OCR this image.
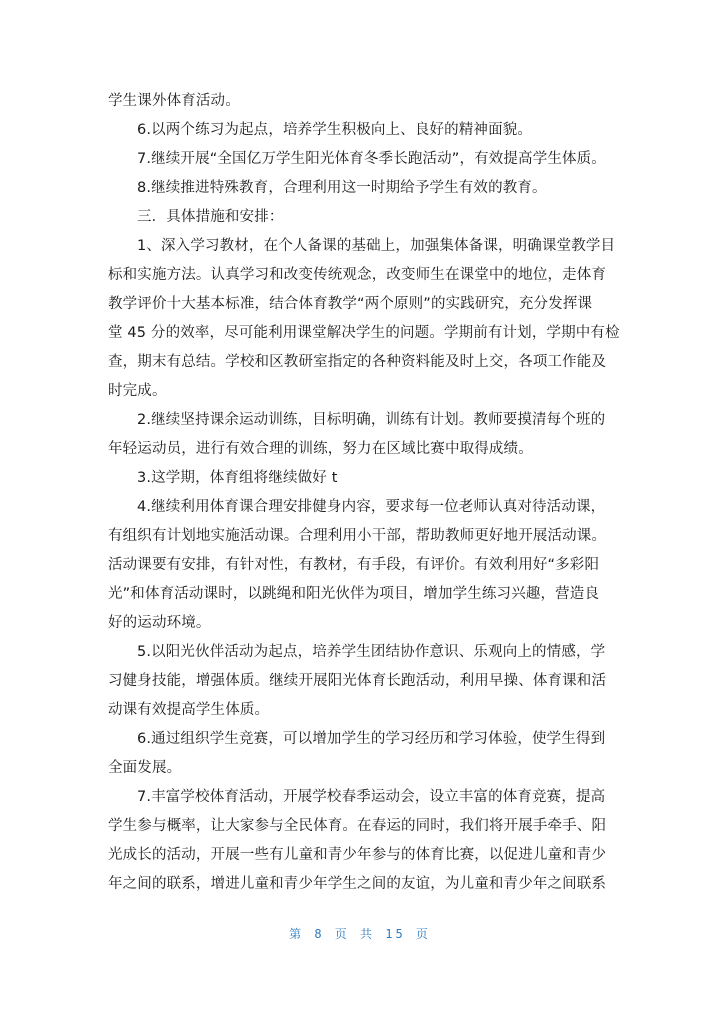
学生课外体育活动。
6.以两个练习为起点，培养学生积极向上、良好的精神面貌。
7.继续开展“全国亿万学生阳光体育冬季长跑活动”，有效提高学生体质。
8.继续推进特殊教育，合理利用这一时期给予学生有效的教育。
三．具体措施和安排：
1、深入学习教材，在个人备课的基础上，加强集体备课，明确课堂教学目
标和实施方法。认真学习和改变传统观念，改变师生在课堂中的地位，走体育
教学评价十大基本标准，结合体育教学“两个原则”的实践研究，充分发挥课
堂 45 分的效率，尽可能利用课堂解决学生的问题。学期前有计划，学期中有检
查，期末有总结。学校和区教研室指定的各种资料能及时上交，各项工作能及
时完成。
2.继续坚持课余运动训练，目标明确，训练有计划。教师要摸清每个班的
年轻运动员，进行有效合理的训练，努力在区域比赛中取得成绩。
3.这学期，体育组将继续做好 t
4.继续利用体育课合理安排健身内容，要求每一位老师认真对待活动课，
有组织有计划地实施活动课。合理利用小干部，帮助教师更好地开展活动课。
活动课要有安排，有针对性，有教材，有手段，有评价。有效利用好“多彩阳
光”和体育活动课时，以跳绳和阳光伙伴为项目，增加学生练习兴趣，营造良
好的运动环境。
5.以阳光伙伴活动为起点，培养学生团结协作意识、乐观向上的情感，学
习健身技能，增强体质。继续开展阳光体育长跑活动，利用早操、体育课和活
动课有效提高学生体质。
6.通过组织学生竞赛，可以增加学生的学习经历和学习体验，使学生得到
全面发展。
7.丰富学校体育活动，开展学校春季运动会，设立丰富的体育竞赛，提高
学生参与概率，让大家参与全民体育。在春运的同时，我们将开展手牵手、阳
光成长的活动，开展一些有儿童和青少年参与的体育比赛，以促进儿童和青少
年之间的联系，增进儿童和青少年学生之间的友谊，为儿童和青少年之间联系
第 8 页 共 15 页
